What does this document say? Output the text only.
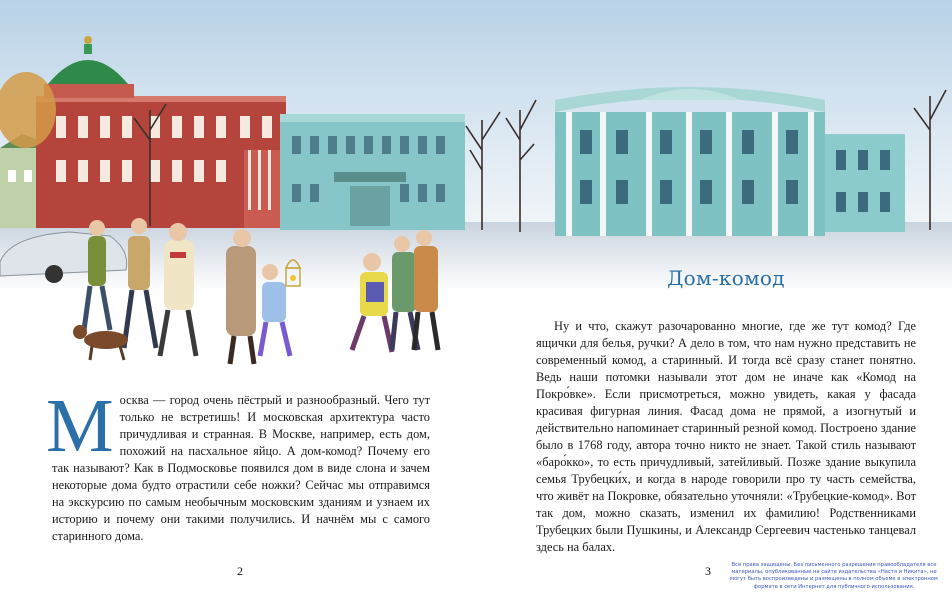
Дом-комод

Москва — город очень пёстрый и разнообразный. Чего тут только не встретишь! И московская архитектура часто причудливая и странная. В Москве, например, есть дом, похожий на пасхальное яйцо. А дом-комод? Почему его так называют? Как в Подмосковье появился дом в виде слона и зачем некоторые дома будто отрастили себе ножки? Сейчас мы отправимся на экскурсию по самым необычным московским зданиям и узнаем их историю и почему они такими получились. И начнём мы с самого старинного дома.

Ну и что, скажут разочарованно многие, где же тут комод? Где ящички для белья, ручки? А дело в том, что нам нужно представить не современный комод, а старинный. И тогда всё сразу станет понятно. Ведь наши потомки называли этот дом не иначе как «Комод на Покро́вке». Если присмотреться, можно увидеть, какая у фасада красивая фигурная линия. Фасад дома не прямой, а изогнутый и действительно напоминает старинный резной комод. Построено здание было в 1768 году, автора точно никто не знает. Такой стиль называют «баро́кко», то есть причудливый, затейливый. Позже здание выкупила семья Трубецки́х, и когда в народе говорили про ту часть семейства, что живёт на Покровке, обязательно уточняли: «Трубецкие-комод». Вот так дом, можно сказать, изменил их фамилию! Родственниками Трубецких были Пушкины, и Александр Сергеевич частенько танцевал здесь на балах.

2	3	Все права защищены. Без письменного разрешения правообладателя все материалы, опубликованные на сайте издательства «Настя и Никита», не могут быть воспроизведены и размещены в полном объеме в электронном формате в сети Интернет для публичного использования.
